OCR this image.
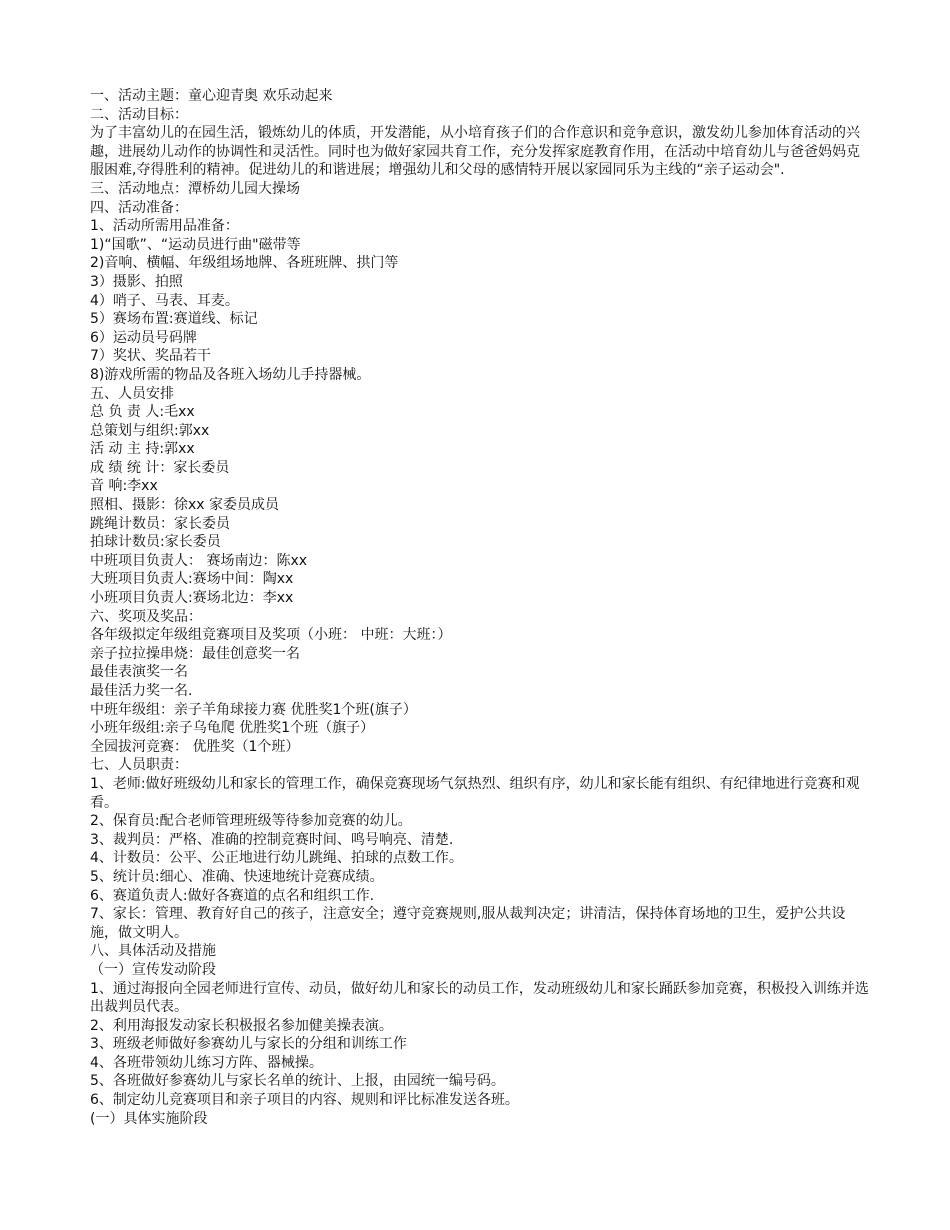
一、活动主题：童心迎青奥 欢乐动起来
二、活动目标：
为了丰富幼儿的在园生活，锻炼幼儿的体质，开发潜能，从小培育孩子们的合作意识和竞争意识，激发幼儿参加体育活动的兴趣，进展幼儿动作的协调性和灵活性。同时也为做好家园共育工作，充分发挥家庭教育作用，在活动中培育幼儿与爸爸妈妈克服困难,夺得胜利的精神。促进幼儿的和谐进展；增强幼儿和父母的感情特开展以家园同乐为主线的“亲子运动会".
三、活动地点：潭桥幼儿园大操场
四、活动准备：
1、活动所需用品准备：
1)“国歌”、“运动员进行曲"磁带等
2)音响、横幅、年级组场地牌、各班班牌、拱门等
3）摄影、拍照
4）哨子、马表、耳麦。
5）赛场布置:赛道线、标记
6）运动员号码牌
7）奖状、奖品若干
8)游戏所需的物品及各班入场幼儿手持器械。
五、人员安排
总 负 责 人:毛xx
总策划与组织:郭xx
活 动 主 持:郭xx
成 绩 统 计：家长委员
音 响:李xx
照相、摄影：徐xx 家委员成员
跳绳计数员：家长委员
拍球计数员:家长委员
中班项目负责人： 赛场南边：陈xx
大班项目负责人:赛场中间：陶xx
小班项目负责人:赛场北边：李xx
六、奖项及奖品：
各年级拟定年级组竞赛项目及奖项（小班： 中班：大班：）
亲子拉拉操串烧：最佳创意奖一名
最佳表演奖一名
最佳活力奖一名.
中班年级组：亲子羊角球接力赛 优胜奖1个班(旗子）
小班年级组:亲子乌龟爬 优胜奖1个班（旗子）
全园拔河竞赛： 优胜奖（1个班）
七、人员职责：
1、老师:做好班级幼儿和家长的管理工作，确保竞赛现场气氛热烈、组织有序，幼儿和家长能有组织、有纪律地进行竞赛和观看。
2、保育员:配合老师管理班级等待参加竞赛的幼儿。
3、裁判员：严格、准确的控制竞赛时间、鸣号响亮、清楚.
4、计数员：公平、公正地进行幼儿跳绳、拍球的点数工作。
5、统计员:细心、准确、快速地统计竞赛成绩。
6、赛道负责人:做好各赛道的点名和组织工作.
7、家长：管理、教育好自己的孩子，注意安全；遵守竞赛规则,服从裁判决定；讲清洁，保持体育场地的卫生，爱护公共设施，做文明人。
八、具体活动及措施
（一）宣传发动阶段
1、通过海报向全园老师进行宣传、动员，做好幼儿和家长的动员工作，发动班级幼儿和家长踊跃参加竞赛，积极投入训练并选出裁判员代表。
2、利用海报发动家长积极报名参加健美操表演。
3、班级老师做好参赛幼儿与家长的分组和训练工作
4、各班带领幼儿练习方阵、器械操。
5、各班做好参赛幼儿与家长名单的统计、上报，由园统一编号码。
6、制定幼儿竞赛项目和亲子项目的内容、规则和评比标准发送各班。
(一）具体实施阶段
